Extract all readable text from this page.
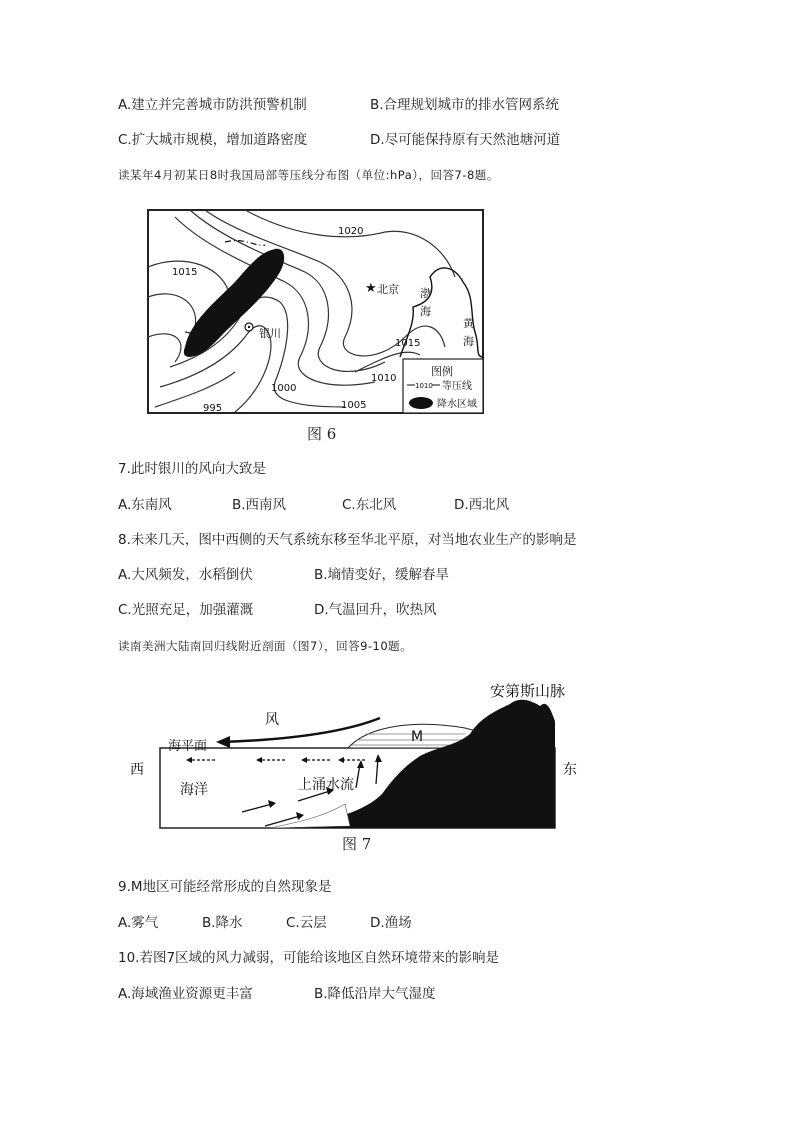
A.建立并完善城市防洪预警机制	B.合理规划城市的排水管网系统
C.扩大城市规模，增加道路密度	D.尽可能保持原有天然池塘河道
读某年4月初某日8时我国局部等压线分布图（单位:hPa），回答7-8题。
★ 北京
银川
渤
海
黄
海
1020
1015
1015
1010
1005
1000
995
图例
1010 等压线
降水区域
图 6
7.此时银川的风向大致是
A.东南风	B.西南风	C.东北风	D.西北风
8.未来几天，图中西侧的天气系统东移至华北平原，对当地农业生产的影响是
A.大风频发，水稻倒伏	B.墒情变好，缓解春旱
C.光照充足，加强灌溉	D.气温回升，吹热风
读南美洲大陆南回归线附近剖面（图7），回答9-10题。
M
安第斯山脉
风
海平面
西	东
海洋	上涌水流
图 7
9.M地区可能经常形成的自然现象是
A.雾气	B.降水	C.云层	D.渔场
10.若图7区域的风力减弱，可能给该地区自然环境带来的影响是
A.海域渔业资源更丰富	B.降低沿岸大气湿度
